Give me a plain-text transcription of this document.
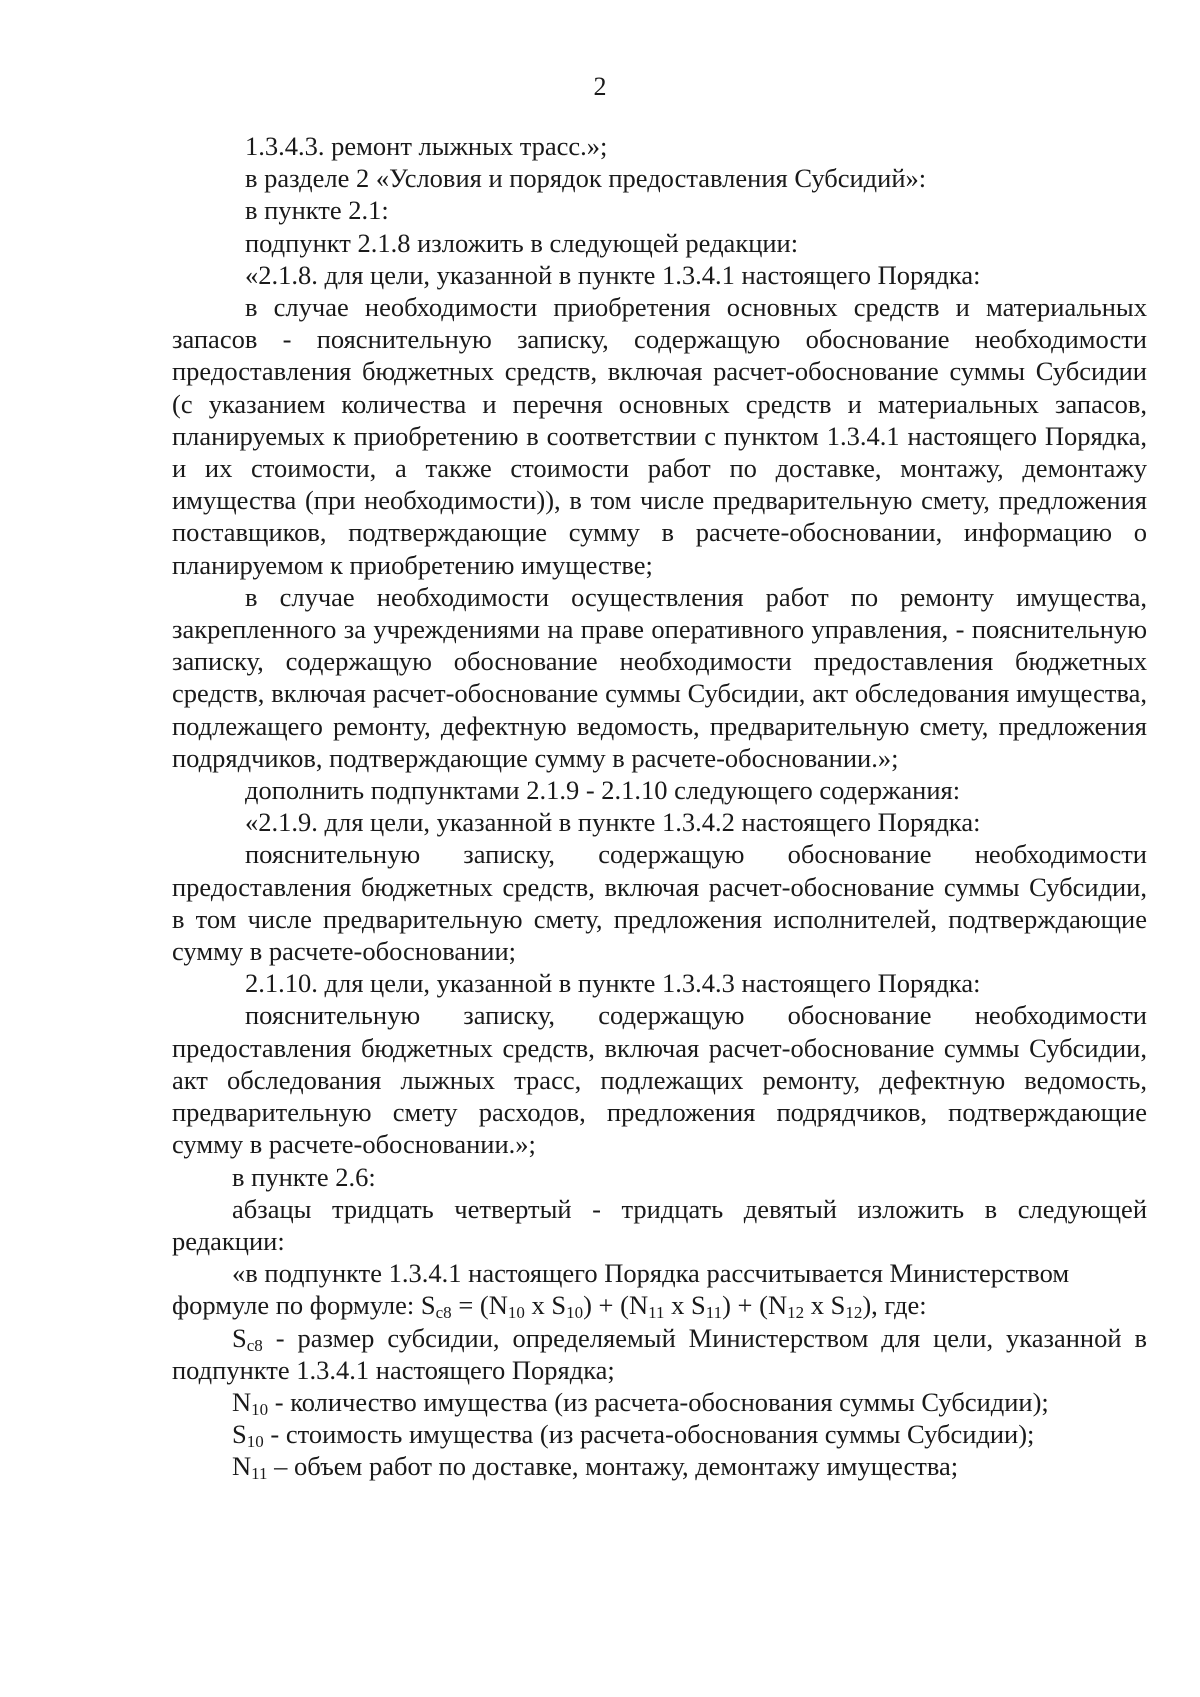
2

1.3.4.3. ремонт лыжных трасс.»;

в разделе 2 «Условия и порядок предоставления Субсидий»:

в пункте 2.1:

подпункт 2.1.8 изложить в следующей редакции:

«2.1.8. для цели, указанной в пункте 1.3.4.1 настоящего Порядка:

в случае необходимости приобретения основных средств и материальных запасов - пояснительную записку, содержащую обоснование необходимости предоставления бюджетных средств, включая расчет-обоснование суммы Субсидии (с указанием количества и перечня основных средств и материальных запасов, планируемых к приобретению в соответствии с пунктом 1.3.4.1 настоящего Порядка, и их стоимости, а также стоимости работ по доставке, монтажу, демонтажу имущества (при необходимости)), в том числе предварительную смету, предложения поставщиков, подтверждающие сумму в расчете-обосновании, информацию о планируемом к приобретению имуществе;

в случае необходимости осуществления работ по ремонту имущества, закрепленного за учреждениями на праве оперативного управления, - пояснительную записку, содержащую обоснование необходимости предоставления бюджетных средств, включая расчет-обоснование суммы Субсидии, акт обследования имущества, подлежащего ремонту, дефектную ведомость, предварительную смету, предложения подрядчиков, подтверждающие сумму в расчете-обосновании.»;

дополнить подпунктами 2.1.9 - 2.1.10 следующего содержания:

«2.1.9. для цели, указанной в пункте 1.3.4.2 настоящего Порядка:

пояснительную записку, содержащую обоснование необходимости предоставления бюджетных средств, включая расчет-обоснование суммы Субсидии, в том числе предварительную смету, предложения исполнителей, подтверждающие сумму в расчете-обосновании;

2.1.10. для цели, указанной в пункте 1.3.4.3 настоящего Порядка:

пояснительную записку, содержащую обоснование необходимости предоставления бюджетных средств, включая расчет-обоснование суммы Субсидии, акт обследования лыжных трасс, подлежащих ремонту, дефектную ведомость, предварительную смету расходов, предложения подрядчиков, подтверждающие сумму в расчете-обосновании.»;

в пункте 2.6:

абзацы тридцать четвертый - тридцать девятый изложить в следующей редакции:

«в подпункте 1.3.4.1 настоящего Порядка рассчитывается Министерством

формуле по формуле: $S_{с8} = (N_{10}$ x $S_{10}) + (N_{11}$ x $S_{11}) + (N_{12}$ x $S_{12}$), где:

$S_{с8}$ - размер субсидии, определяемый Министерством для цели, указанной в подпункте 1.3.4.1 настоящего Порядка;

$N_{10}$ - количество имущества (из расчета-обоснования суммы Субсидии);

$S_{10}$ - стоимость имущества (из расчета-обоснования суммы Субсидии);

$N_{11}$ – объем работ по доставке, монтажу, демонтажу имущества;
